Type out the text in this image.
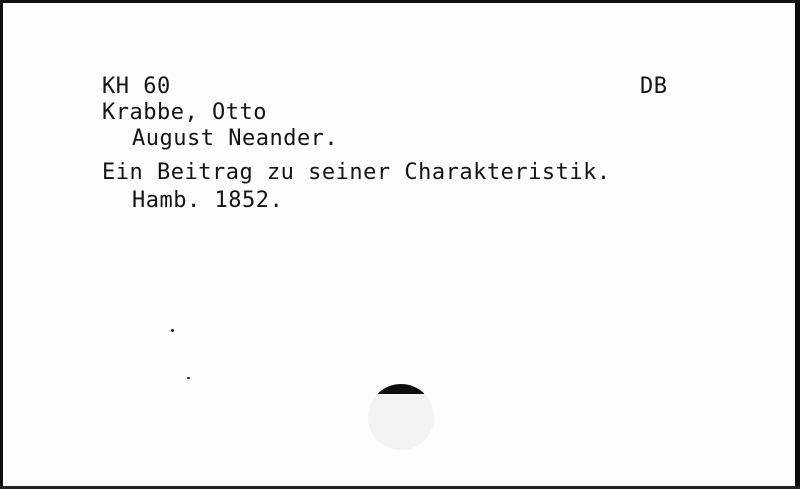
KH 60	DB
Krabbe, Otto
August Neander.
Ein Beitrag zu seiner Charakteristik.
Hamb. 1852.
